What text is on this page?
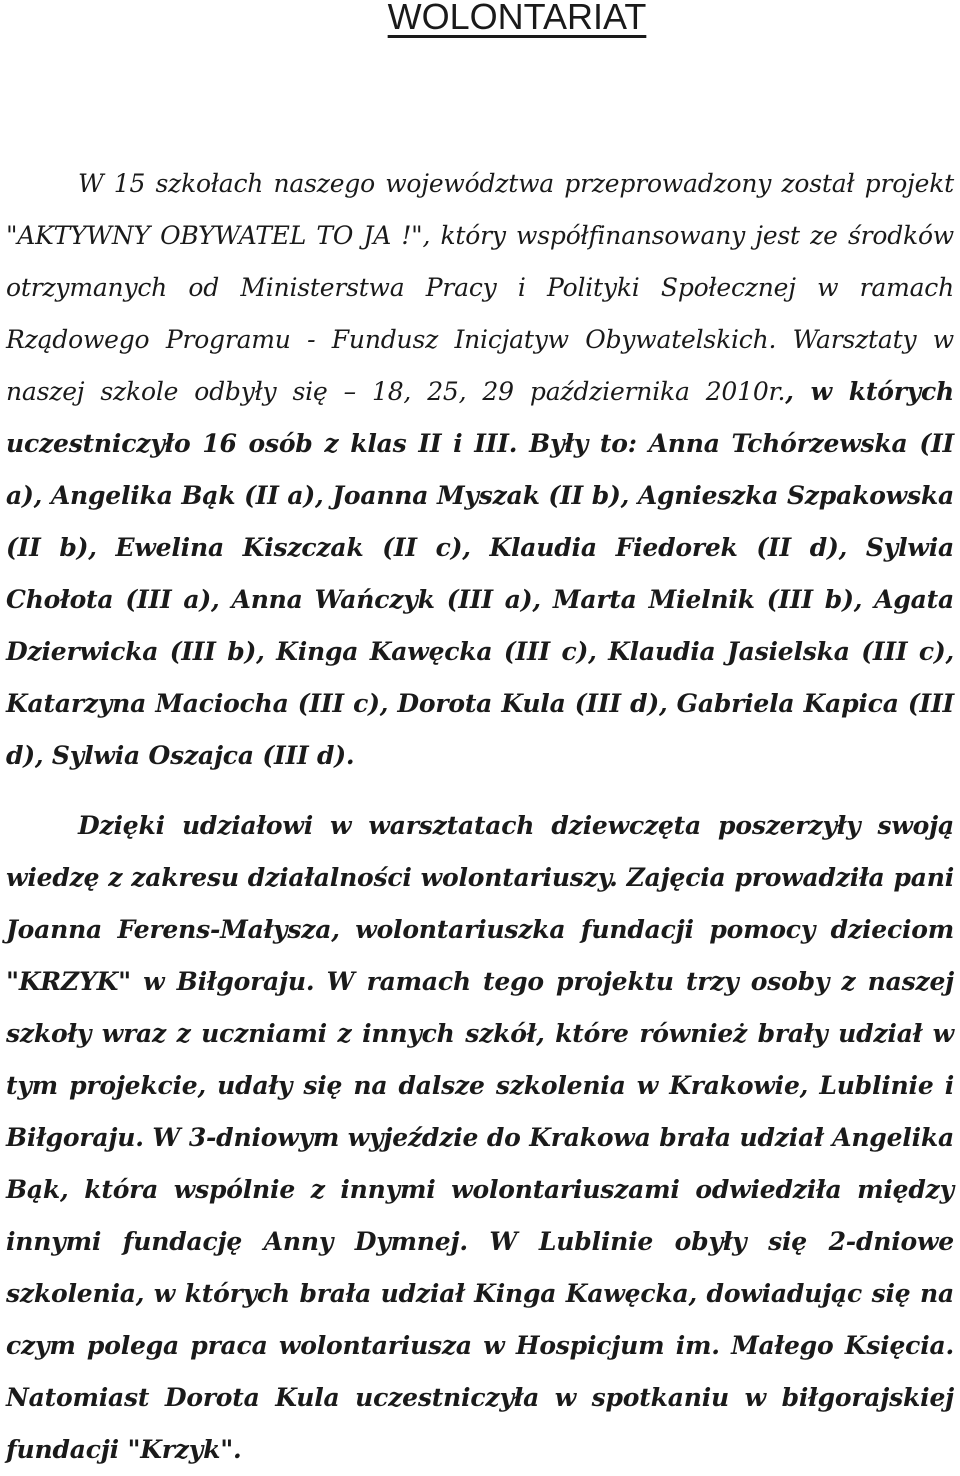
WOLONTARIAT

W 15 szkołach naszego województwa przeprowadzony został projekt "AKTYWNY OBYWATEL TO JA !", który współfinansowany jest ze środków otrzymanych od Ministerstwa Pracy i Polityki Społecznej w ramach Rządowego Programu - Fundusz Inicjatyw Obywatelskich. Warsztaty w naszej szkole odbyły się – 18, 25, 29 października 2010r., w których uczestniczyło 16 osób z klas II i III. Były to: Anna Tchórzewska (II a), Angelika Bąk (II a), Joanna Myszak (II b), Agnieszka Szpakowska (II b), Ewelina Kiszczak (II c), Klaudia Fiedorek (II d), Sylwia Chołota (III a), Anna Wańczyk (III a), Marta Mielnik (III b), Agata Dzierwicka (III b), Kinga Kawęcka (III c), Klaudia Jasielska (III c), Katarzyna Maciocha (III c), Dorota Kula (III d), Gabriela Kapica (III d), Sylwia Oszajca (III d).

Dzięki udziałowi w warsztatach dziewczęta poszerzyły swoją wiedzę z zakresu działalności wolontariuszy. Zajęcia prowadziła pani Joanna Ferens-Małysza, wolontariuszka fundacji pomocy dzieciom "KRZYK" w Biłgoraju. W ramach tego projektu trzy osoby z naszej szkoły wraz z uczniami z innych szkół, które również brały udział w tym projekcie, udały się na dalsze szkolenia w Krakowie, Lublinie i Biłgoraju. W 3-dniowym wyjeździe do Krakowa brała udział Angelika Bąk, która wspólnie z innymi wolontariuszami odwiedziła między innymi fundację Anny Dymnej. W Lublinie obyły się 2-dniowe szkolenia, w których brała udział Kinga Kawęcka, dowiadując się na czym polega praca wolontariusza w Hospicjum im. Małego Księcia. Natomiast Dorota Kula uczestniczyła w spotkaniu w biłgorajskiej fundacji "Krzyk".
